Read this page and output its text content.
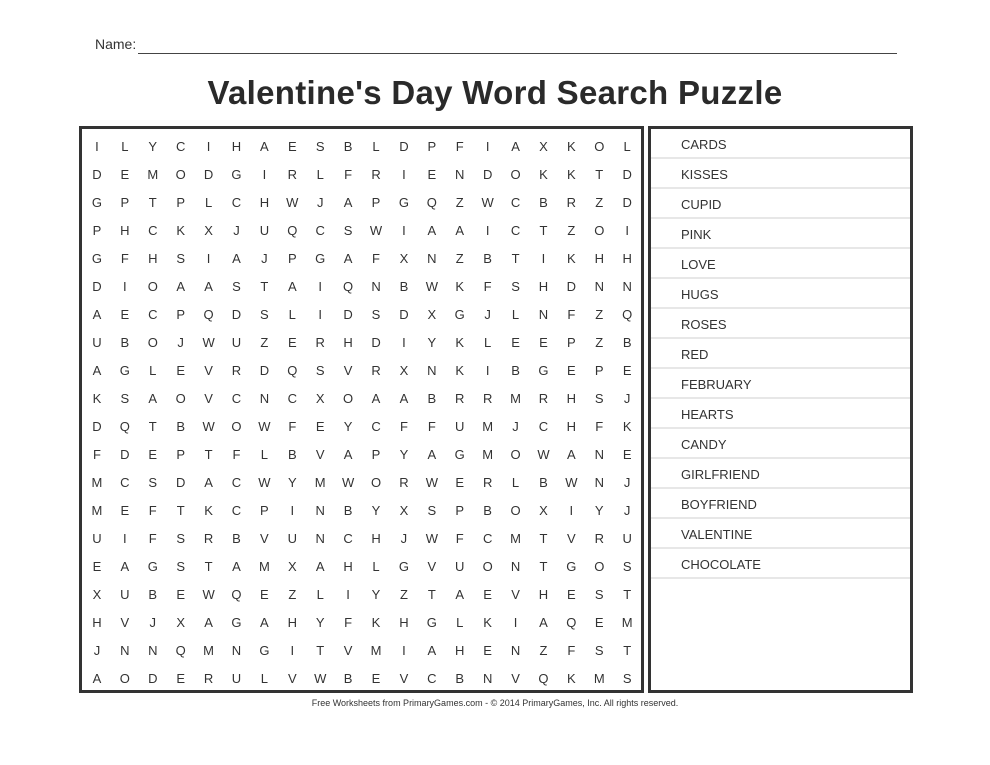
Name:
Valentine's Day Word Search Puzzle
I	L	Y	C	I	H	A	E	S	B	L	D	P	F	I	A	X	K	O	L
D	E	M	O	D	G	I	R	L	F	R	I	E	N	D	O	K	K	T	D
G	P	T	P	L	C	H	W	J	A	P	G	Q	Z	W	C	B	R	Z	D
P	H	C	K	X	J	U	Q	C	S	W	I	A	A	I	C	T	Z	O	I
G	F	H	S	I	A	J	P	G	A	F	X	N	Z	B	T	I	K	H	H
D	I	O	A	A	S	T	A	I	Q	N	B	W	K	F	S	H	D	N	N
A	E	C	P	Q	D	S	L	I	D	S	D	X	G	J	L	N	F	Z	Q
U	B	O	J	W	U	Z	E	R	H	D	I	Y	K	L	E	E	P	Z	B
A	G	L	E	V	R	D	Q	S	V	R	X	N	K	I	B	G	E	P	E
K	S	A	O	V	C	N	C	X	O	A	A	B	R	R	M	R	H	S	J
D	Q	T	B	W	O	W	F	E	Y	C	F	F	U	M	J	C	H	F	K
F	D	E	P	T	F	L	B	V	A	P	Y	A	G	M	O	W	A	N	E
M	C	S	D	A	C	W	Y	M	W	O	R	W	E	R	L	B	W	N	J
M	E	F	T	K	C	P	I	N	B	Y	X	S	P	B	O	X	I	Y	J
U	I	F	S	R	B	V	U	N	C	H	J	W	F	C	M	T	V	R	U
E	A	G	S	T	A	M	X	A	H	L	G	V	U	O	N	T	G	O	S
X	U	B	E	W	Q	E	Z	L	I	Y	Z	T	A	E	V	H	E	S	T
H	V	J	X	A	G	A	H	Y	F	K	H	G	L	K	I	A	Q	E	M
J	N	N	Q	M	N	G	I	T	V	M	I	A	H	E	N	Z	F	S	T
A	O	D	E	R	U	L	V	W	B	E	V	C	B	N	V	Q	K	M	S
CARDS
KISSES
CUPID
PINK
LOVE
HUGS
ROSES
RED
FEBRUARY
HEARTS
CANDY
GIRLFRIEND
BOYFRIEND
VALENTINE
CHOCOLATE
Free Worksheets from PrimaryGames.com - © 2014 PrimaryGames, Inc. All rights reserved.
